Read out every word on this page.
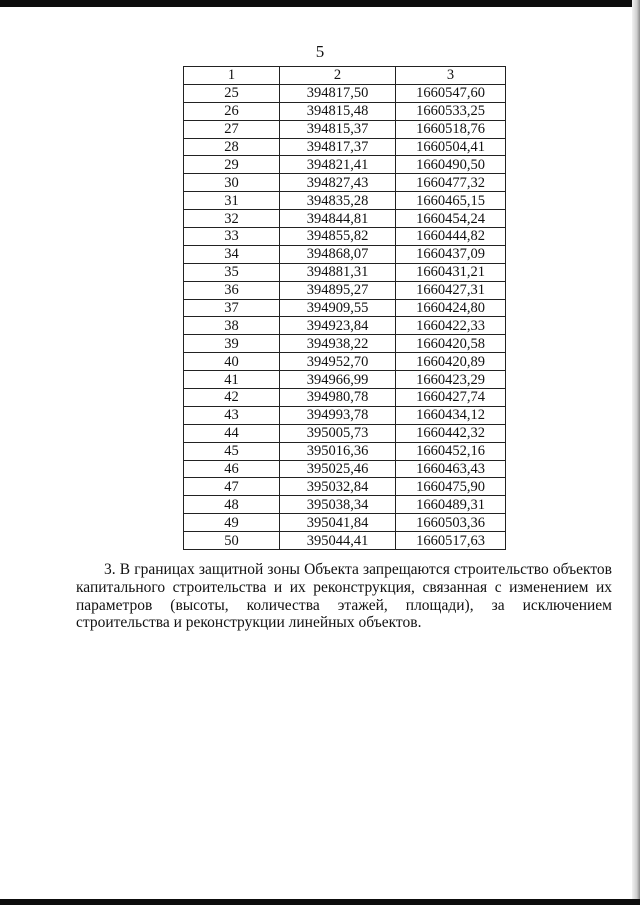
5
1	2	3
25	394817,50	1660547,60
26	394815,48	1660533,25
27	394815,37	1660518,76
28	394817,37	1660504,41
29	394821,41	1660490,50
30	394827,43	1660477,32
31	394835,28	1660465,15
32	394844,81	1660454,24
33	394855,82	1660444,82
34	394868,07	1660437,09
35	394881,31	1660431,21
36	394895,27	1660427,31
37	394909,55	1660424,80
38	394923,84	1660422,33
39	394938,22	1660420,58
40	394952,70	1660420,89
41	394966,99	1660423,29
42	394980,78	1660427,74
43	394993,78	1660434,12
44	395005,73	1660442,32
45	395016,36	1660452,16
46	395025,46	1660463,43
47	395032,84	1660475,90
48	395038,34	1660489,31
49	395041,84	1660503,36
50	395044,41	1660517,63

3. В границах защитной зоны Объекта запрещаются строительство объектов капитального строительства и их реконструкция, связанная с изменением их параметров (высоты, количества этажей, площади), за исключением строительства и реконструкции линейных объектов.
